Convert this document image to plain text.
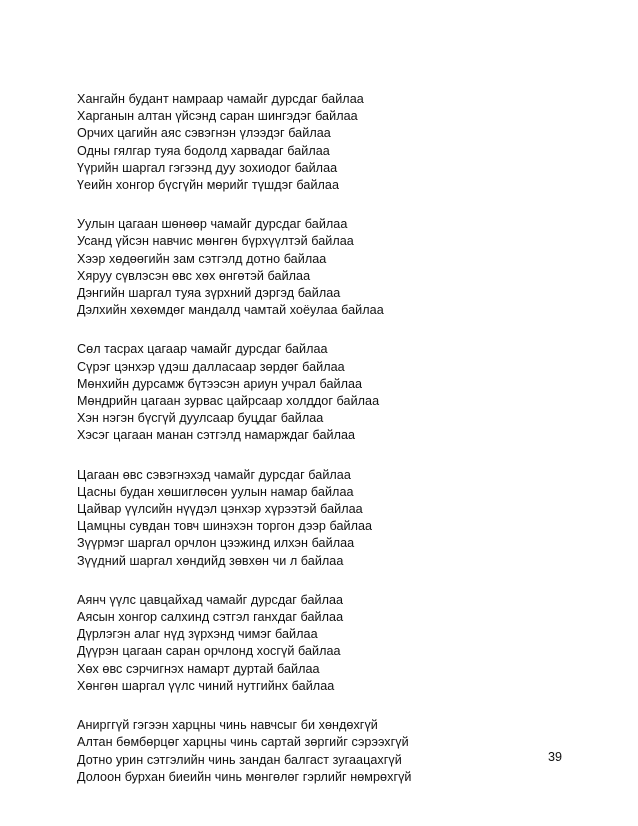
Хангайн будант намраар чамайг дурсдаг байлаа
Харганын алтан үйсэнд саран шингэдэг байлаа
Орчих цагийн аяс сэвэгнэн үлээдэг байлаа
Одны гялгар туяа бодолд харвадаг байлаа
Үүрийн шаргал гэгээнд дуу зохиодог байлаа
Үеийн хонгор бүсгүйн мөрийг түшдэг байлаа
Уулын цагаан шөнөөр чамайг дурсдаг байлаа
Усанд үйсэн навчис мөнгөн бүрхүүлтэй байлаа
Хээр хөдөөгийн зам сэтгэлд дотно байлаа
Хяруу сүвлэсэн өвс хөх өнгөтэй байлаа
Дэнгийн шаргал туяа зүрхний дэргэд байлаа
Дэлхийн хөхөмдөг мандалд чамтай хоёулаа байлаа
Сөл тасрах цагаар чамайг дурсдаг байлаа
Сүрэг цэнхэр үдэш далласаар зөрдөг байлаа
Мөнхийн дурсамж бүтээсэн ариун учрал байлаа
Мөндрийн цагаан зурвас цайрсаар холддог байлаа
Хэн нэгэн бүсгүй дуулсаар буцдаг байлаа
Хэсэг цагаан манан сэтгэлд намарждаг байлаа
Цагаан өвс сэвэгнэхэд чамайг дурсдаг байлаа
Цасны будан хөшиглөсөн уулын намар байлаа
Цайвар үүлсийн нүүдэл цэнхэр хүрээтэй байлаа
Цамцны сувдан товч шинэхэн торгон дээр байлаа
Зүүрмэг шаргал орчлон цээжинд илхэн байлаа
Зүүдний шаргал хөндийд зөвхөн чи л байлаа
Аянч үүлс цавцайхад чамайг дурсдаг байлаа
Аясын хонгор салхинд сэтгэл ганхдаг байлаа
Дүрлэгэн алаг нүд зүрхэнд чимэг байлаа
Дүүрэн цагаан саран орчлонд хосгүй байлаа
Хөх өвс сэрчигнэх намарт дуртай байлаа
Хөнгөн шаргал үүлс чиний нутгийнх байлаа
Анирггүй гэгээн харцны чинь навчсыг би хөндөхгүй
Алтан бөмбөрцөг харцны чинь сартай зөргийг сэрээхгүй
Дотно урин сэтгэлийн чинь зандан балгаст зугаацахгүй
Долоон бурхан биеийн чинь мөнгөлөг гэрлийг нөмрөхгүй
39
